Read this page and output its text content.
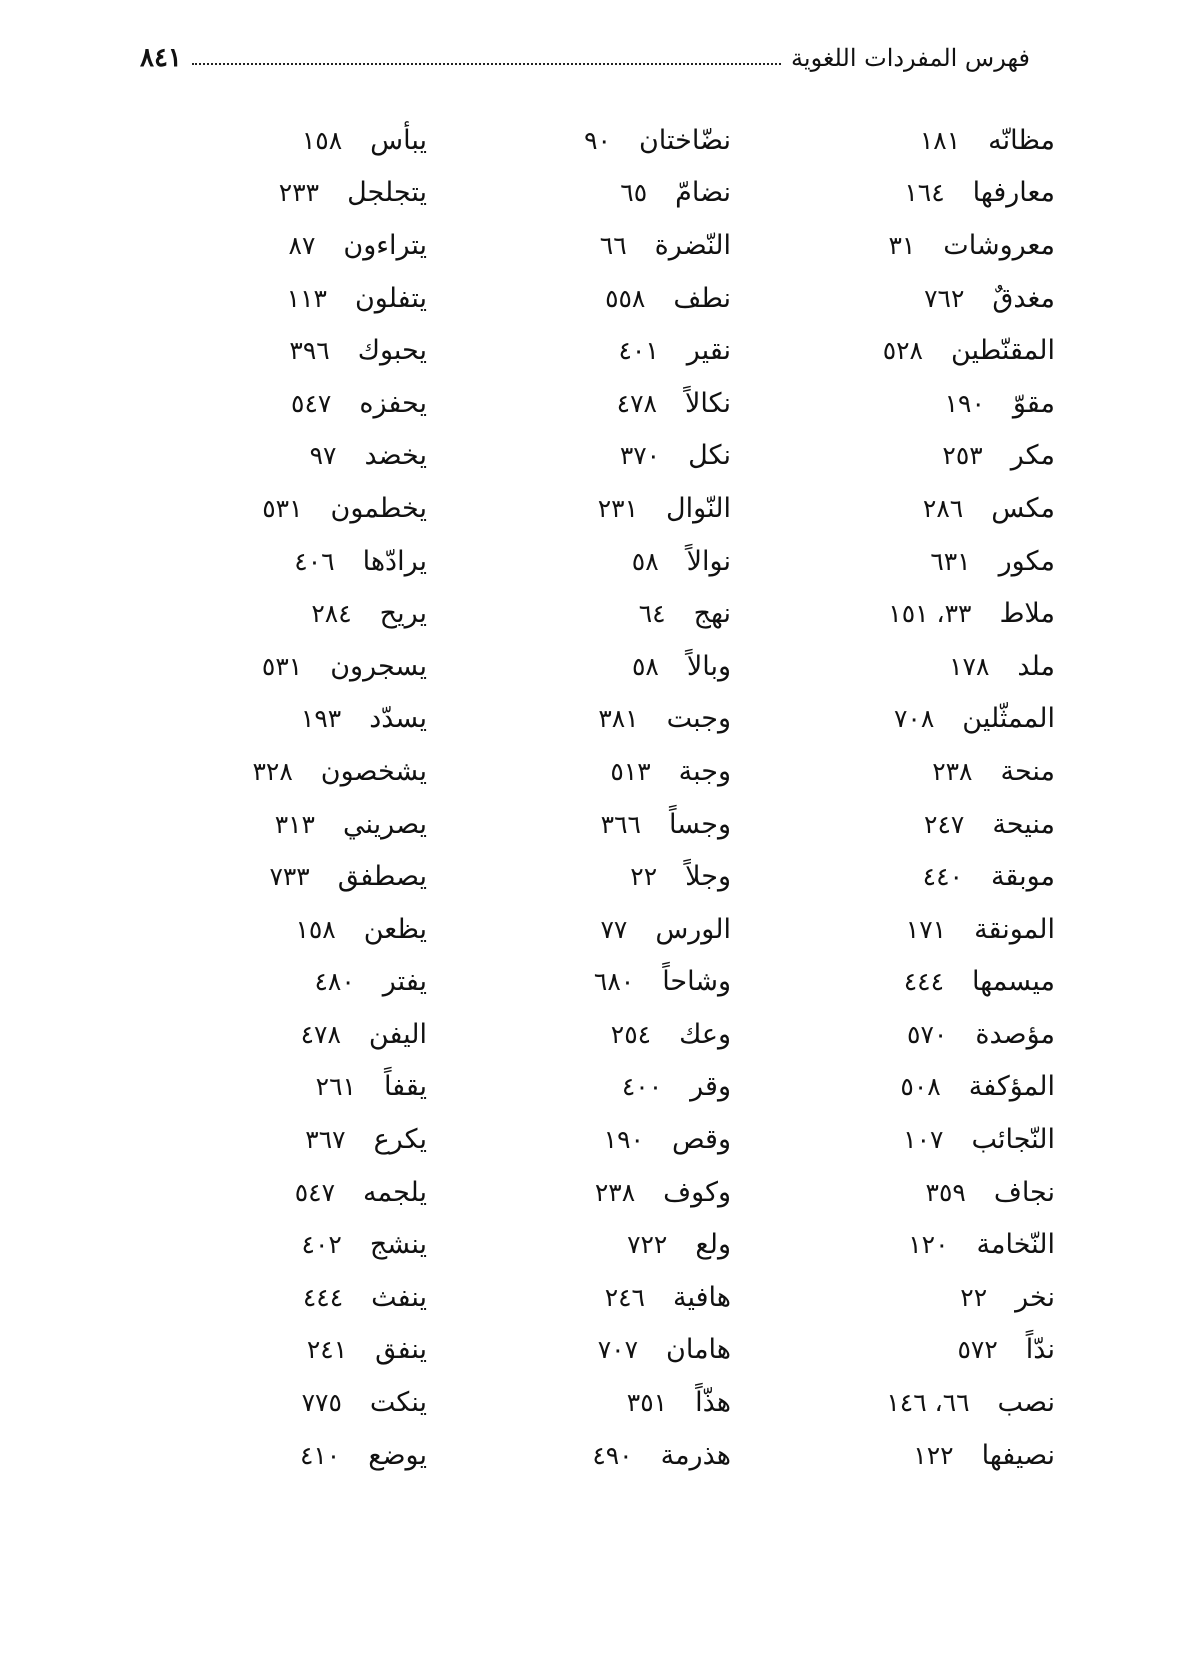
فهرس المفردات اللغوية
٨٤١
مظانّه
١٨١
معارفها
١٦٤
معروشات
٣١
مغدقٌ
٧٦٢
المقنّطين
٥٢٨
مقوّ
١٩٠
مكر
٢٥٣
مكس
٢٨٦
مكور
٦٣١
ملاط
٣٣، ١٥١
ملد
١٧٨
الممثّلين
٧٠٨
منحة
٢٣٨
منيحة
٢٤٧
موبقة
٤٤٠
المونقة
١٧١
ميسمها
٤٤٤
مؤصدة
٥٧٠
المؤكفة
٥٠٨
النّجائب
١٠٧
نجاف
٣٥٩
النّخامة
١٢٠
نخر
٢٢
ندّاً
٥٧٢
نصب
٦٦، ١٤٦
نصيفها
١٢٢
نضّاختان
٩٠
نضامّ
٦٥
النّضرة
٦٦
نطف
٥٥٨
نقير
٤٠١
نكالاً
٤٧٨
نكل
٣٧٠
النّوال
٢٣١
نوالاً
٥٨
نهج
٦٤
وبالاً
٥٨
وجبت
٣٨١
وجبة
٥١٣
وجساً
٣٦٦
وجلاً
٢٢
الورس
٧٧
وشاحاً
٦٨٠
وعك
٢٥٤
وقر
٤٠٠
وقص
١٩٠
وكوف
٢٣٨
ولع
٧٢٢
هافية
٢٤٦
هامان
٧٠٧
هذّاً
٣٥١
هذرمة
٤٩٠
يبأس
١٥٨
يتجلجل
٢٣٣
يتراءون
٨٧
يتفلون
١١٣
يحبوك
٣٩٦
يحفزه
٥٤٧
يخضد
٩٧
يخطمون
٥٣١
يرادّها
٤٠٦
يريح
٢٨٤
يسجرون
٥٣١
يسدّد
١٩٣
يشخصون
٣٢٨
يصريني
٣١٣
يصطفق
٧٣٣
يظعن
١٥٨
يفتر
٤٨٠
اليفن
٤٧٨
يقفاً
٢٦١
يكرع
٣٦٧
يلجمه
٥٤٧
ينشج
٤٠٢
ينفث
٤٤٤
ينفق
٢٤١
ينكت
٧٧٥
يوضع
٤١٠
